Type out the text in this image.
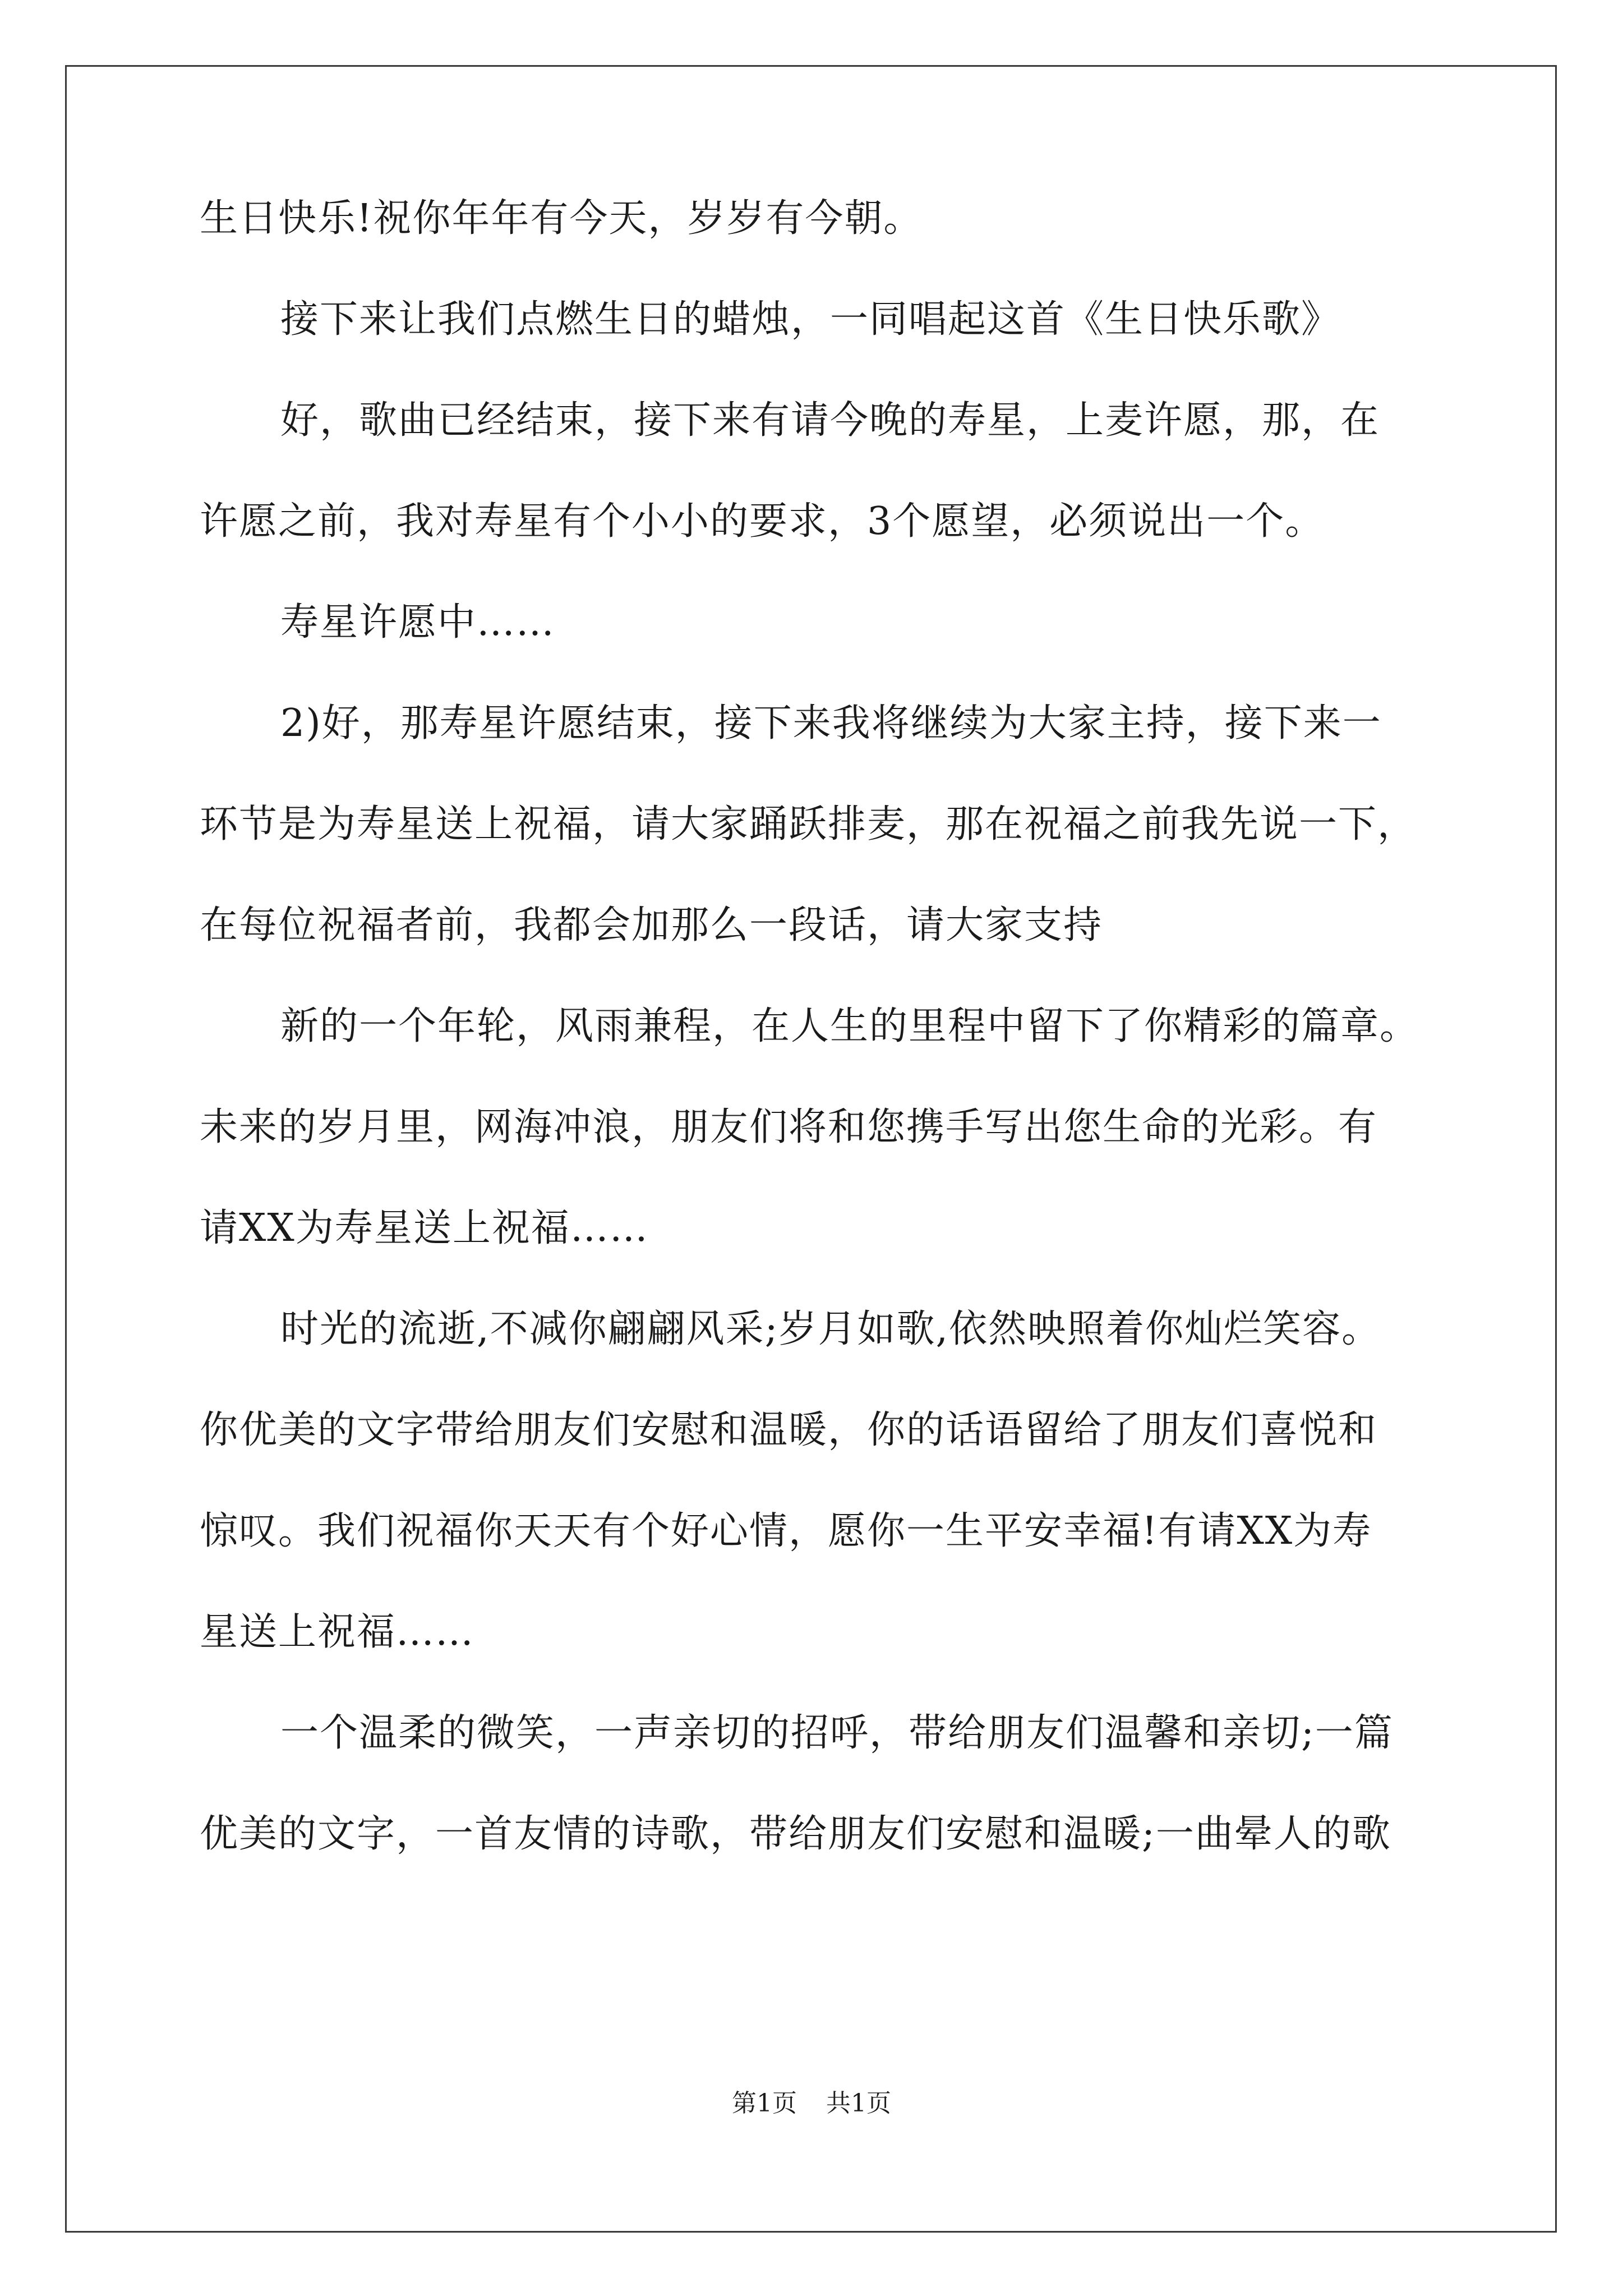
生日快乐!祝你年年有今天，岁岁有今朝。
接下来让我们点燃生日的蜡烛，一同唱起这首《生日快乐歌》
好，歌曲已经结束，接下来有请今晚的寿星，上麦许愿，那，在
许愿之前，我对寿星有个小小的要求，3个愿望，必须说出一个。
寿星许愿中……
2)好，那寿星许愿结束，接下来我将继续为大家主持，接下来一
环节是为寿星送上祝福，请大家踊跃排麦，那在祝福之前我先说一下，
在每位祝福者前，我都会加那么一段话，请大家支持
新的一个年轮，风雨兼程，在人生的里程中留下了你精彩的篇章。
未来的岁月里，网海冲浪，朋友们将和您携手写出您生命的光彩。有
请XX为寿星送上祝福……
时光的流逝,不减你翩翩风采;岁月如歌,依然映照着你灿烂笑容。
你优美的文字带给朋友们安慰和温暖，你的话语留给了朋友们喜悦和
惊叹。我们祝福你天天有个好心情，愿你一生平安幸福!有请XX为寿
星送上祝福……
一个温柔的微笑，一声亲切的招呼，带给朋友们温馨和亲切;一篇
优美的文字，一首友情的诗歌，带给朋友们安慰和温暖;一曲晕人的歌
第1页 共1页
